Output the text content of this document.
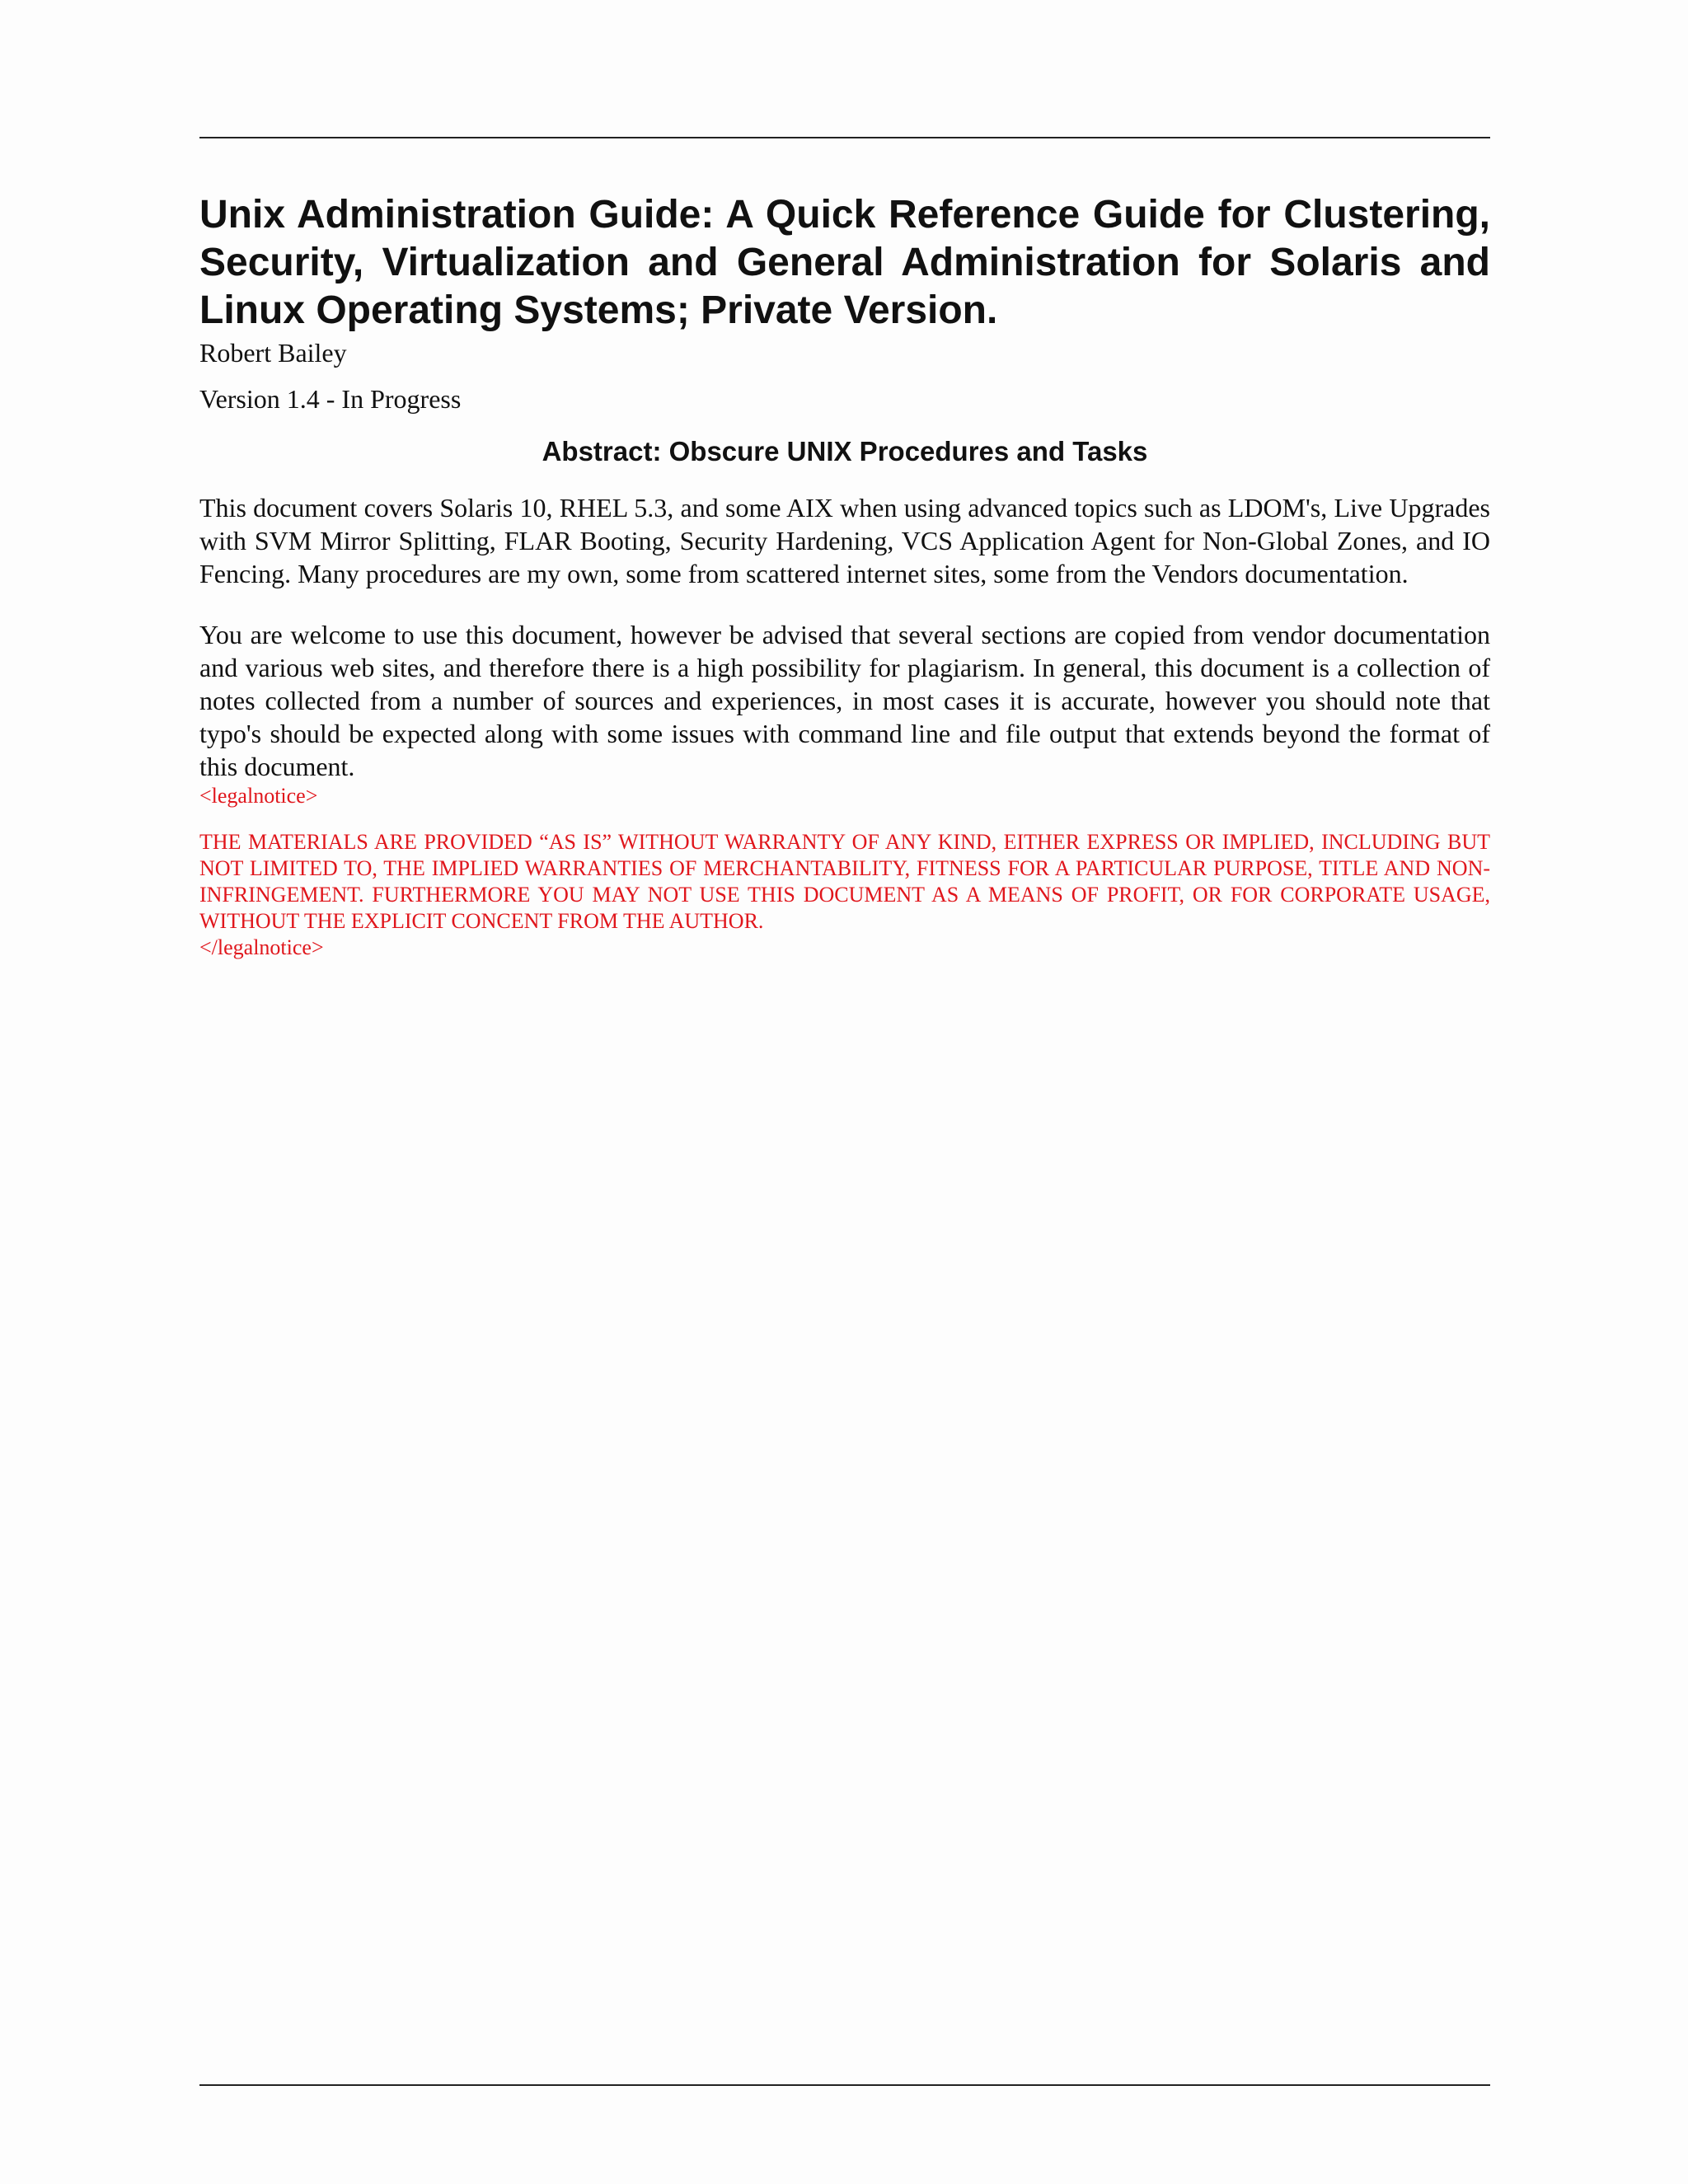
Unix Administration Guide: A Quick Reference Guide for Clustering, Security, Virtualization and General Administration for Solaris and Linux Operating Systems; Private Version.

Robert Bailey

Version 1.4 - In Progress

Abstract: Obscure UNIX Procedures and Tasks

This document covers Solaris 10, RHEL 5.3, and some AIX when using advanced topics such as LDOM's, Live Upgrades with SVM Mirror Splitting, FLAR Booting, Security Hardening, VCS Application Agent for Non-Global Zones, and IO Fencing. Many procedures are my own, some from scattered internet sites, some from the Vendors documentation.

You are welcome to use this document, however be advised that several sections are copied from vendor documentation and various web sites, and therefore there is a high possibility for plagiarism. In general, this document is a collection of notes collected from a number of sources and experiences, in most cases it is accurate, however you should note that typo's should be expected along with some issues with command line and file output that extends beyond the format of this document.

<legalnotice>

THE MATERIALS ARE PROVIDED “AS IS” WITHOUT WARRANTY OF ANY KIND, EITHER EXPRESS OR IMPLIED, INCLUDING BUT NOT LIMITED TO, THE IMPLIED WARRANTIES OF MERCHANTABILITY, FITNESS FOR A PARTICULAR PURPOSE, TITLE AND NON-INFRINGEMENT. FURTHERMORE YOU MAY NOT USE THIS DOCUMENT AS A MEANS OF PROFIT, OR FOR CORPORATE USAGE, WITHOUT THE EXPLICIT CONCENT FROM THE AUTHOR.

</legalnotice>
